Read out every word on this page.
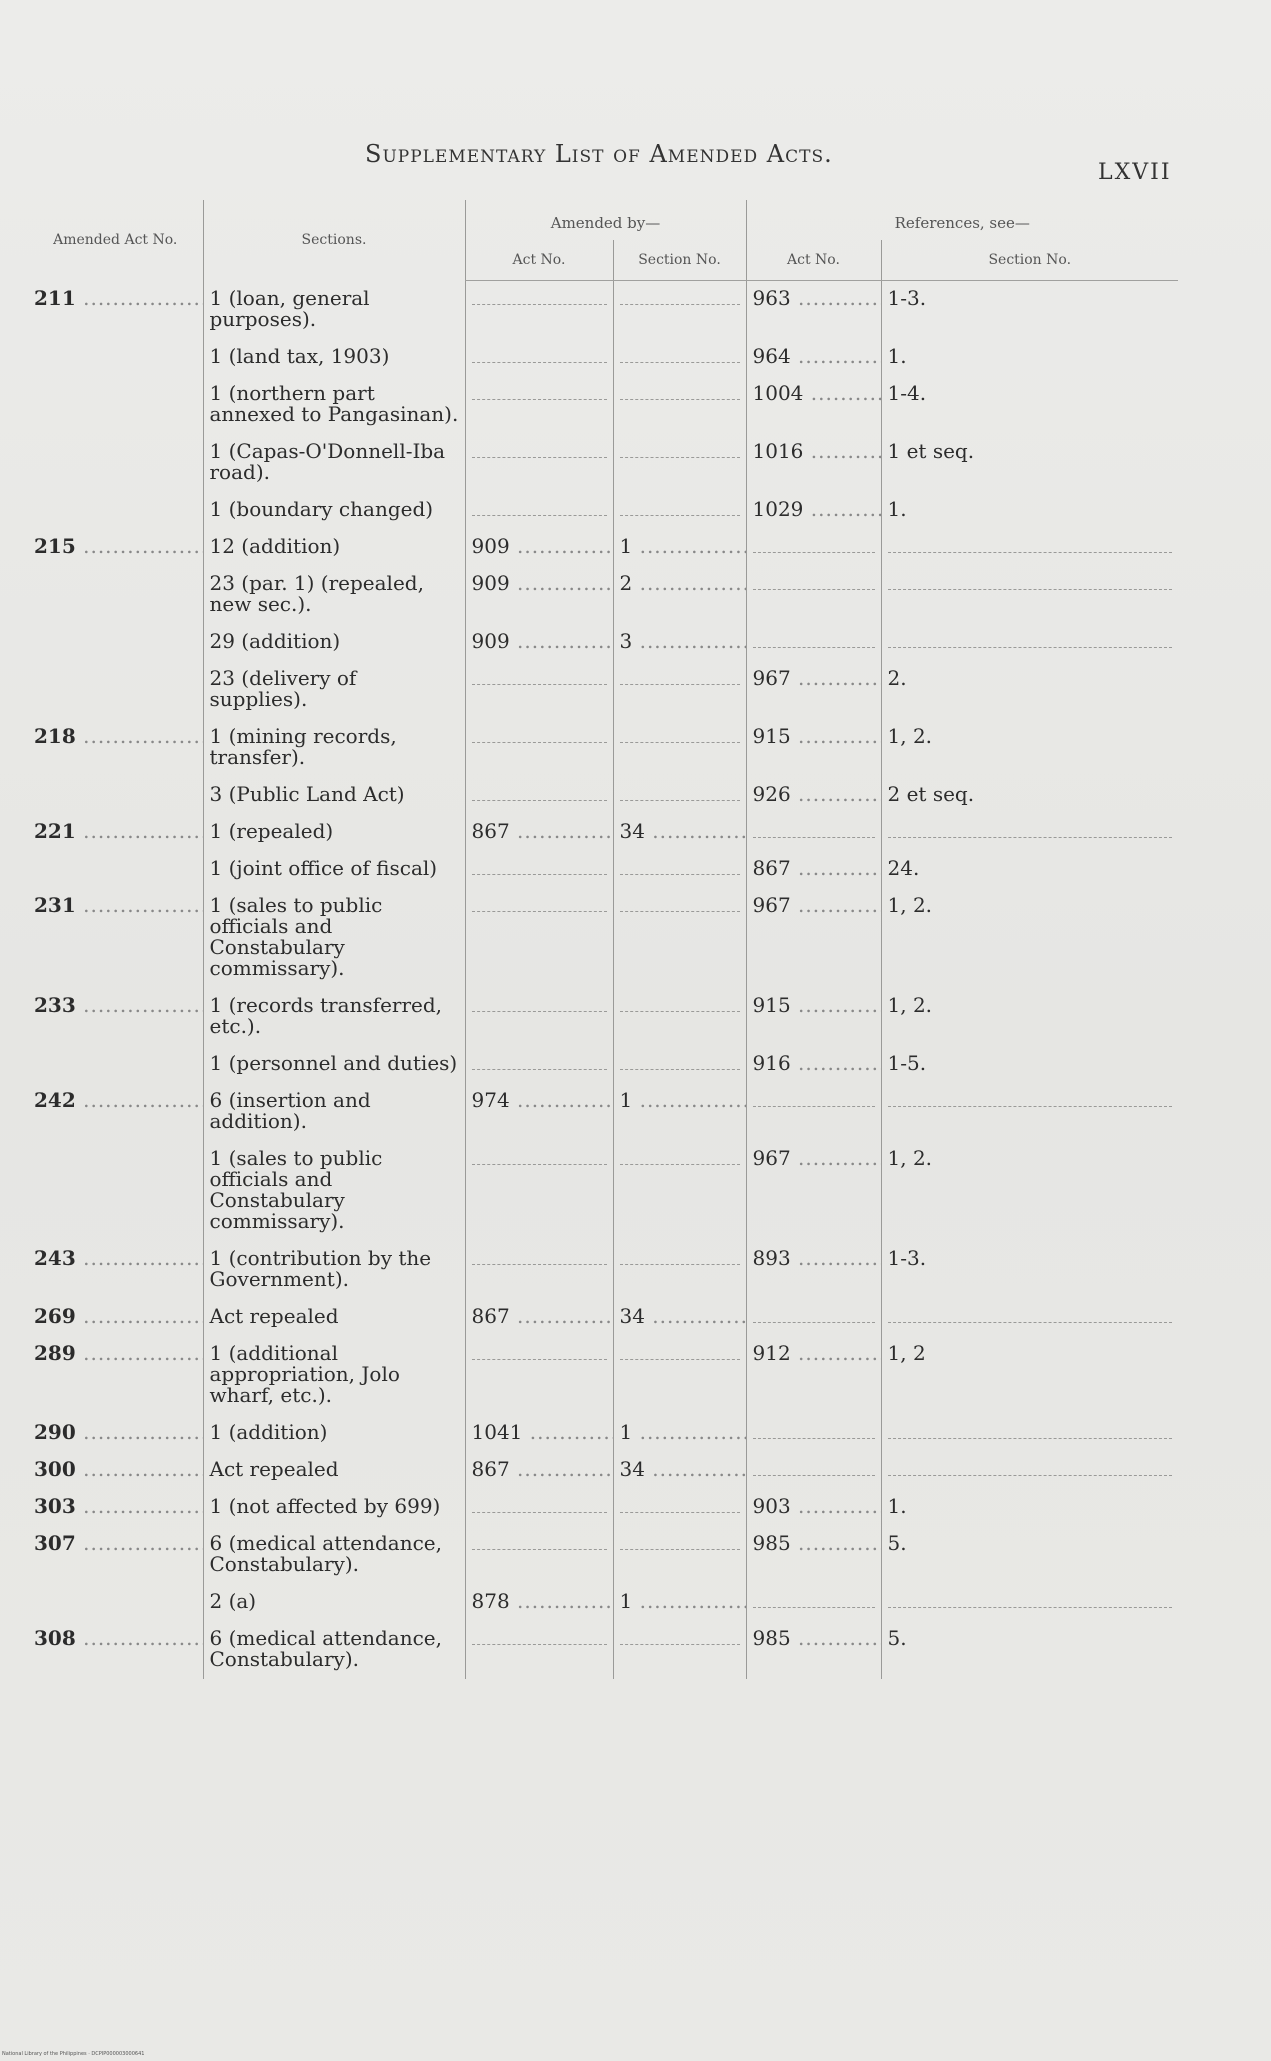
Supplementary List of Amended Acts.
LXVII
Amended Act No.	Sections.	Amended by—		References, see—	
		Act No.	Section No.	Act No.	Section No.
211 .....	1 (loan, general purposes).			963 .....	1-3.
	1 (land tax, 1903)			964 .....	1.
	1 (northern part annexed to Pangasinan).			1004 .....	1-4.
	1 (Capas-O'Donnell-Iba road).			1016 .....	1 et seq.
	1 (boundary changed)			1029 .....	1.
215 .....	12 (addition)	909 .....	1 .....	

	23 (par. 1) (repealed, new sec.).	909 .....	2 .....	

	29 (addition)	909 .....	3 .....	

	23 (delivery of supplies).			967 .....	2.
218 .....	1 (mining records, transfer).			915 .....	1, 2.
	3 (Public Land Act)			926 .....	2 et seq.
221 .....	1 (repealed)	867 .....	34 .....	

	1 (joint office of fiscal)			867 .....	24.
231 .....	1 (sales to public officials and Constabulary commissary).			967 .....	1, 2.
233 .....	1 (records transferred, etc.).			915 .....	1, 2.
	1 (personnel and duties)			916 .....	1-5.
242 .....	6 (insertion and addition).	974 .....	1 .....	

	1 (sales to public officials and Constabulary commissary).			967 .....	1, 2.
243 .....	1 (contribution by the Government).			893 .....	1-3.
269 .....	Act repealed	867 .....	34 .....	

289 .....	1 (additional appropriation, Jolo wharf, etc.).			912 .....	1, 2
290 .....	1 (addition)	1041 .....	1 .....	

300 .....	Act repealed	867 .....	34 .....	

303 .....	1 (not affected by 699)			903 .....	1.
307 .....	6 (medical attendance, Constabulary).			985 .....	5.
	2 (a)	878 .....	1 .....	

308 .....	6 (medical attendance, Constabulary).			985 .....	5.
National Library of the Philippines · DCPIP000003000641
